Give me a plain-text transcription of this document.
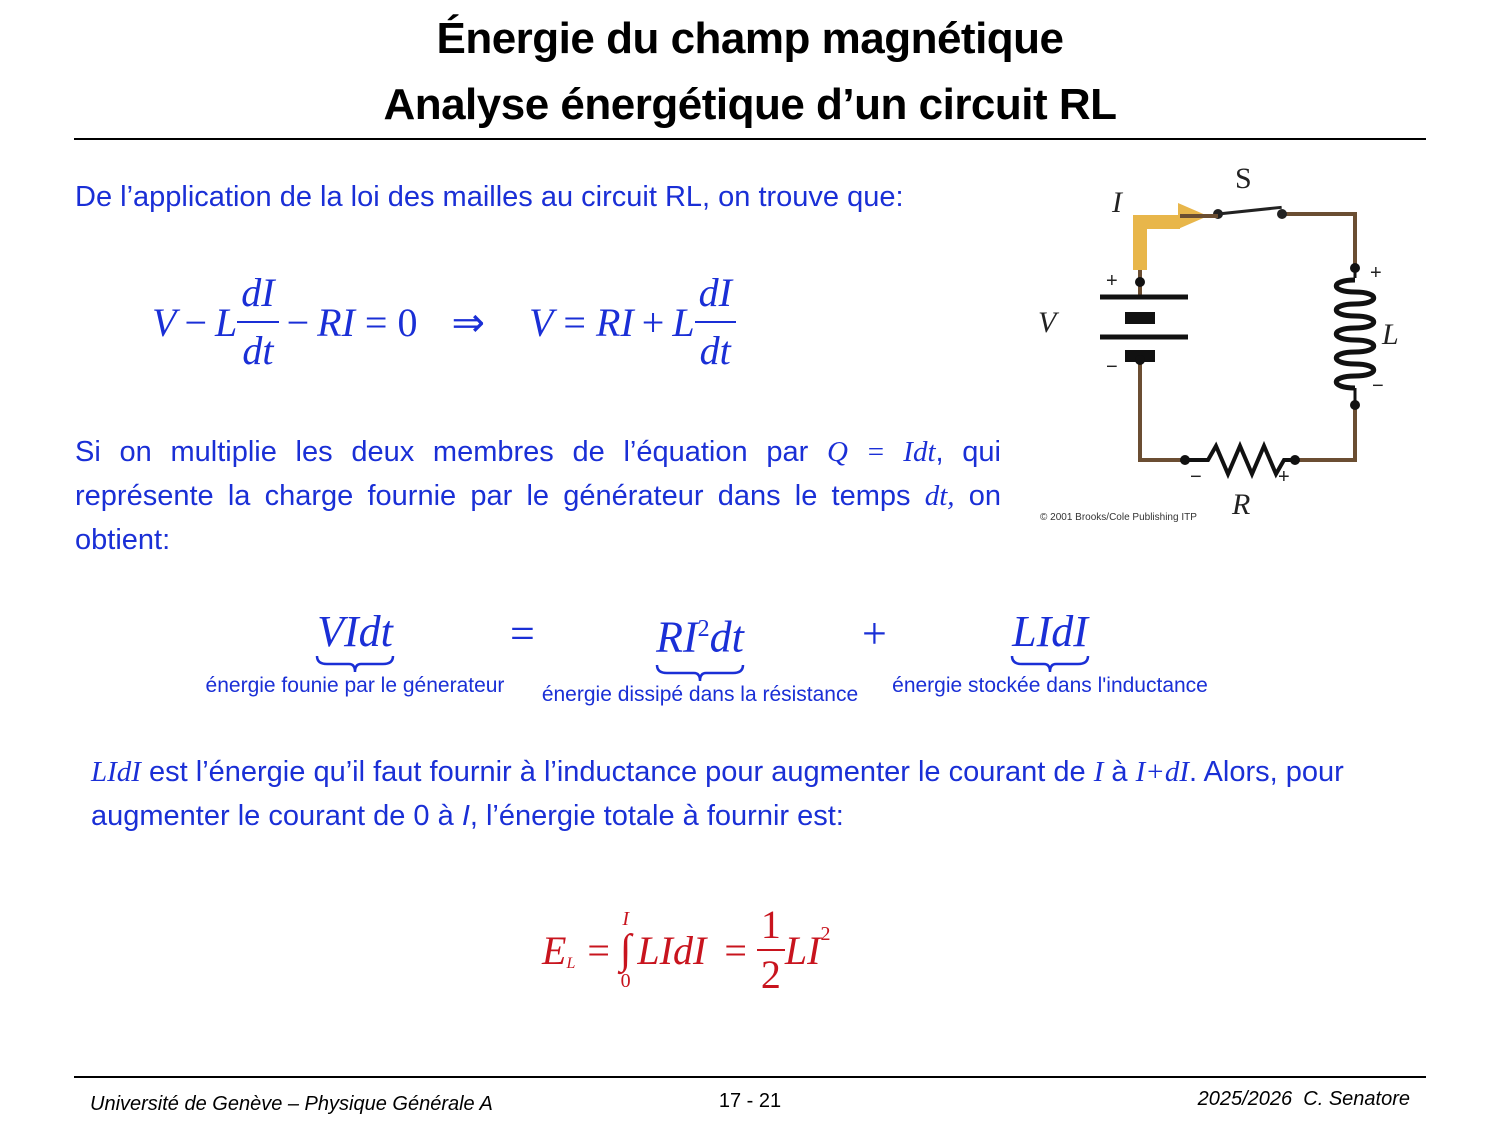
Énergie du champ magnétique
Analyse énergétique d’un circuit RL
De l’application de la loi des mailles au circuit RL, on trouve que:
V − L $\frac{dI}{dt}$ − RI = 0 ⇒ V = RI + L $\frac{dI}{dt}$
Si on multiplie les deux membres de l’équation par Q = Idt, qui représente la charge fournie par le générateur dans le temps dt, on obtient:
I
S
V	L
R
+
−
+
−
−	+
© 2001 Brooks/Cole Publishing ITP
VIdt
énergie founie par le génerateur
=	$RI^2dt$
énergie dissipé dans la résistance
+	LIdI
énergie stockée dans l'inductance
LIdI est l’énergie qu’il faut fournir à l’inductance pour augmenter le courant de I à I+dI. Alors, pour augmenter le courant de 0 à I, l’énergie totale à fournir est:
E L =
I
∫
0
LIdI = $\frac{1}{2}$ LI 2
Université de Genève – Physique Générale A	17 - 21	2025/2026  C. Senatore
